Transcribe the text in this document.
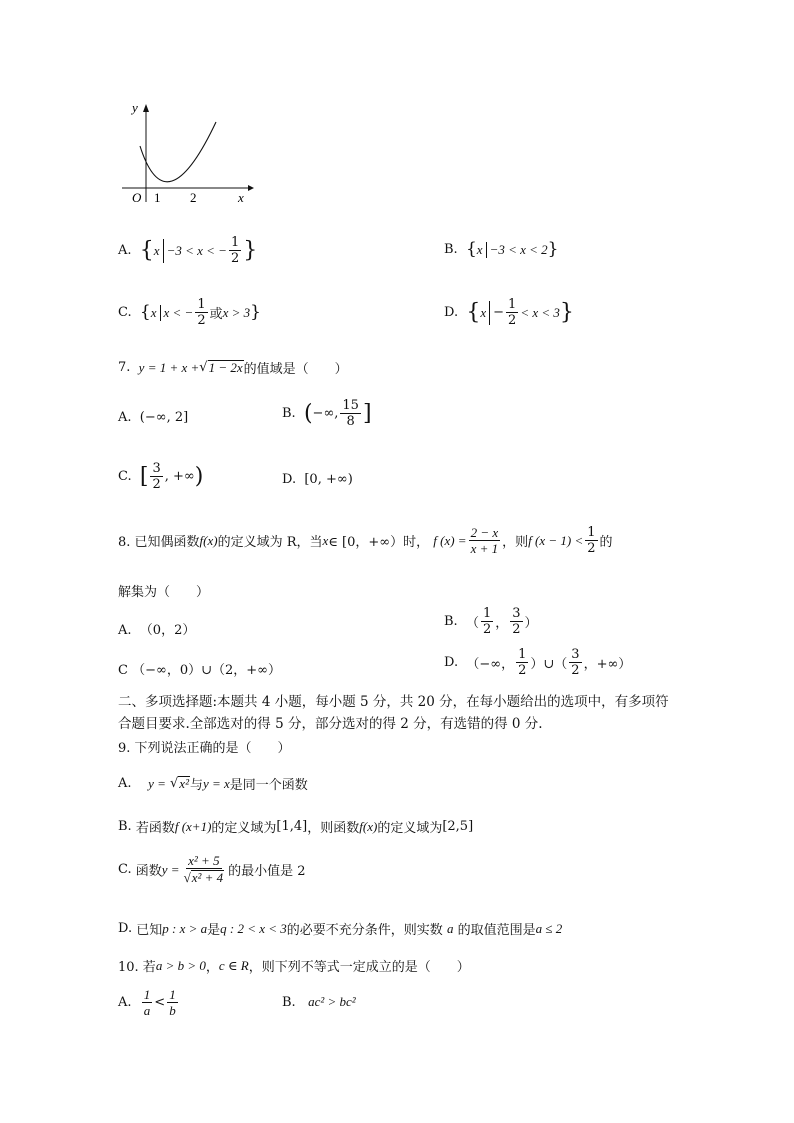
y
x
O 1 2
A.
{ x −3 < x < − $\frac{1}{2}$ }	B.
{ x −3 < x < 2 }
C.
{ x x < − $\frac{1}{2}$ 或 x > 3 }	D.
{ $x - \frac{1}{2} < x < 3$ }
7.
y = 1 + x + √ 1 − 2x 的值域是（　　）
A.
(−∞, 2]	B.
( −∞, $\frac{15}{8}$ ]
C.
[ $\frac{3}{2}$ , +∞ )	D.
[0, +∞)
8. 已知偶函数 f(x) 的定义域为 R，当 x ∈ [0，+∞）时，
f $(x) = \frac{2 - x}{x + 1}$ ，则 f $(x - 1) < \frac{1}{2}$ 的
解集为（　　）
A. （0，2）
B. （ $\frac{1}{2}$ ， $\frac{3}{2}$ ）
C （−∞，0）∪（2，+∞）
D.
（−∞， $\frac{1}{2}$ ）∪（ $\frac{3}{2}$ ，+∞）
二、多项选择题:本题共 4 小题，每小题 5 分，共 20 分，在每小题给出的选项中，有多项符
合题目要求.全部选对的得 5 分，部分选对的得 2 分，有选错的得 0 分.
9. 下列说法正确的是（　　）
A.
y =
√ x² 与 y = x 是同一个函数
B.
若函数 f (x+1) 的定义域为 [1,4] ，则函数 f(x) 的定义域为 [2,5]
C.
函数 $y = \frac{\text{x² + 5}}{\text{√x² + 4}}$ 的最小值是 2
D.
已知 p : x > a 是 q : 2 < x < 3 的必要不充分条件，则实数
a
的取值范围是 a ≤ 2
10. 若 a > b > 0 ， c ∈ R ，则下列不等式一定成立的是（　　）
A.
$\frac{1}{a} < \frac{1}{b}$	B.
ac² > bc²
